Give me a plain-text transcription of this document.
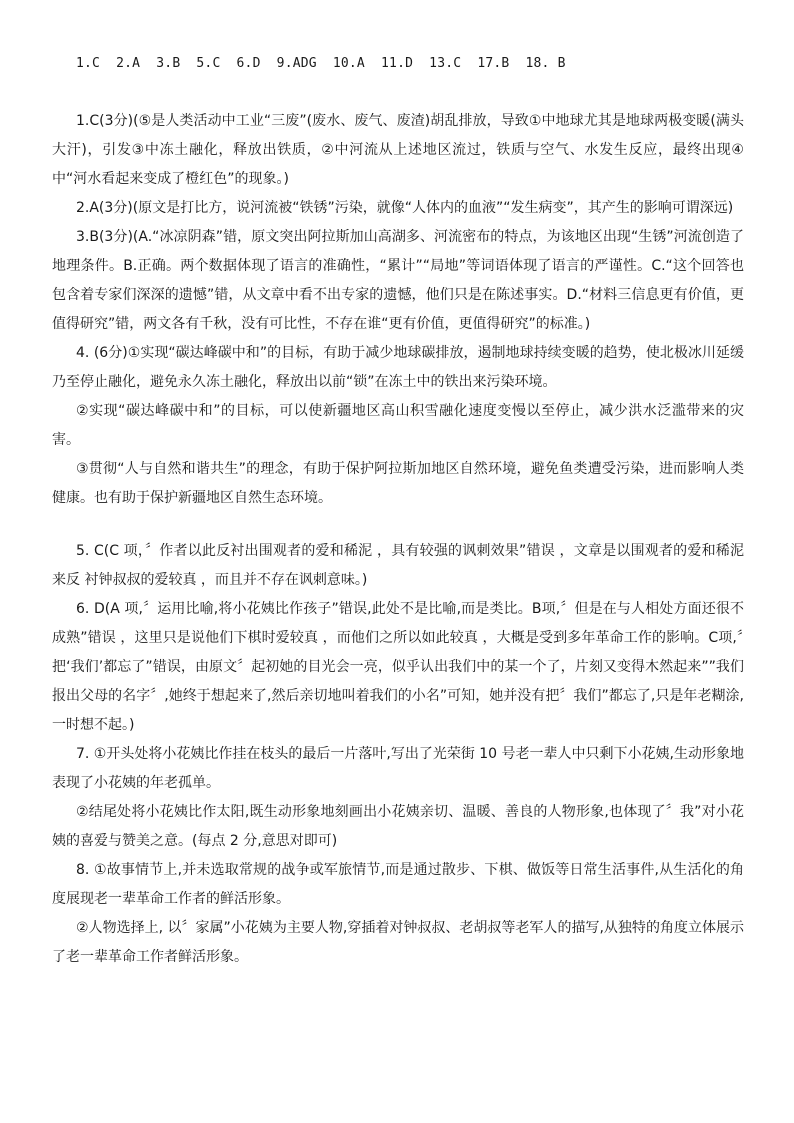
1.C  2.A  3.B  5.C  6.D  9.ADG  10.A  11.D  13.C  17.B  18. B

1.C(3分)(⑤是人类活动中工业“三废”(废水、废气、废渣)胡乱排放，导致①中地球尤其是地球两极变暖(满头大汗)，引发③中冻土融化，释放出铁质，②中河流从上述地区流过，铁质与空气、水发生反应，最终出现④中“河水看起来变成了橙红色”的现象。)

2.A(3分)(原文是打比方，说河流被“铁锈”污染，就像“人体内的血液”“发生病变”，其产生的影响可谓深远)

3.B(3分)(A.“冰凉阴森”错，原文突出阿拉斯加山高湖多、河流密布的特点，为该地区出现“生锈”河流创造了地理条件。B.正确。两个数据体现了语言的准确性，“累计”“局地”等词语体现了语言的严谨性。C.“这个回答也包含着专家们深深的遗憾”错，从文章中看不出专家的遗憾，他们只是在陈述事实。D.“材料三信息更有价值，更值得研究”错，两文各有千秋，没有可比性，不存在谁“更有价值，更值得研究”的标准。)

4. (6分)①实现“碳达峰碳中和”的目标，有助于减少地球碳排放，遏制地球持续变暖的趋势，使北极冰川延缓乃至停止融化，避免永久冻土融化，释放出以前“锁”在冻土中的铁出来污染环境。

②实现“碳达峰碳中和”的目标，可以使新疆地区高山积雪融化速度变慢以至停止，减少洪水泛滥带来的灾害。

③贯彻“人与自然和谐共生”的理念，有助于保护阿拉斯加地区自然环境，避免鱼类遭受污染，进而影响人类健康。也有助于保护新疆地区自然生态环境。

5. C(C 项，〞作者以此反衬出围观者的爱和稀泥 ，具有较强的讽刺效果”错误 ，文章是以围观者的爱和稀泥来反 衬钟叔叔的爱较真 ，而且并不存在讽刺意味。)

6. D(A 项,〞运用比喻,将小花姨比作孩子”错误,此处不是比喻,而是类比。B项,〞但是在与人相处方面还很不成熟”错误 ，这里只是说他们下棋时爱较真 ，而他们之所以如此较真 ，大概是受到多年革命工作的影响。C项,〞把‘我们’都忘了”错误，由原文〞起初她的目光会一亮，似乎认出我们中的某一个了，片刻又变得木然起来””我们报出父母的名字〞,她终于想起来了,然后亲切地叫着我们的小名”可知，她并没有把〞我们”都忘了,只是年老糊涂,一时想不起。)

7. ①开头处将小花姨比作挂在枝头的最后一片落叶,写出了光荣街 10 号老一辈人中只剩下小花姨,生动形象地表现了小花姨的年老孤单。

②结尾处将小花姨比作太阳,既生动形象地刻画出小花姨亲切、温暖、善良的人物形象,也体现了〞我”对小花姨的喜爱与赞美之意。(每点 2 分,意思对即可)

8. ①故事情节上,并未选取常规的战争或军旅情节,而是通过散步、下棋、做饭等日常生活事件,从生活化的角度展现老一辈革命工作者的鲜活形象。

②人物选择上, 以〞家属”小花姨为主要人物,穿插着对钟叔叔、老胡叔等老军人的描写,从独特的角度立体展示了老一辈革命工作者鲜活形象。
